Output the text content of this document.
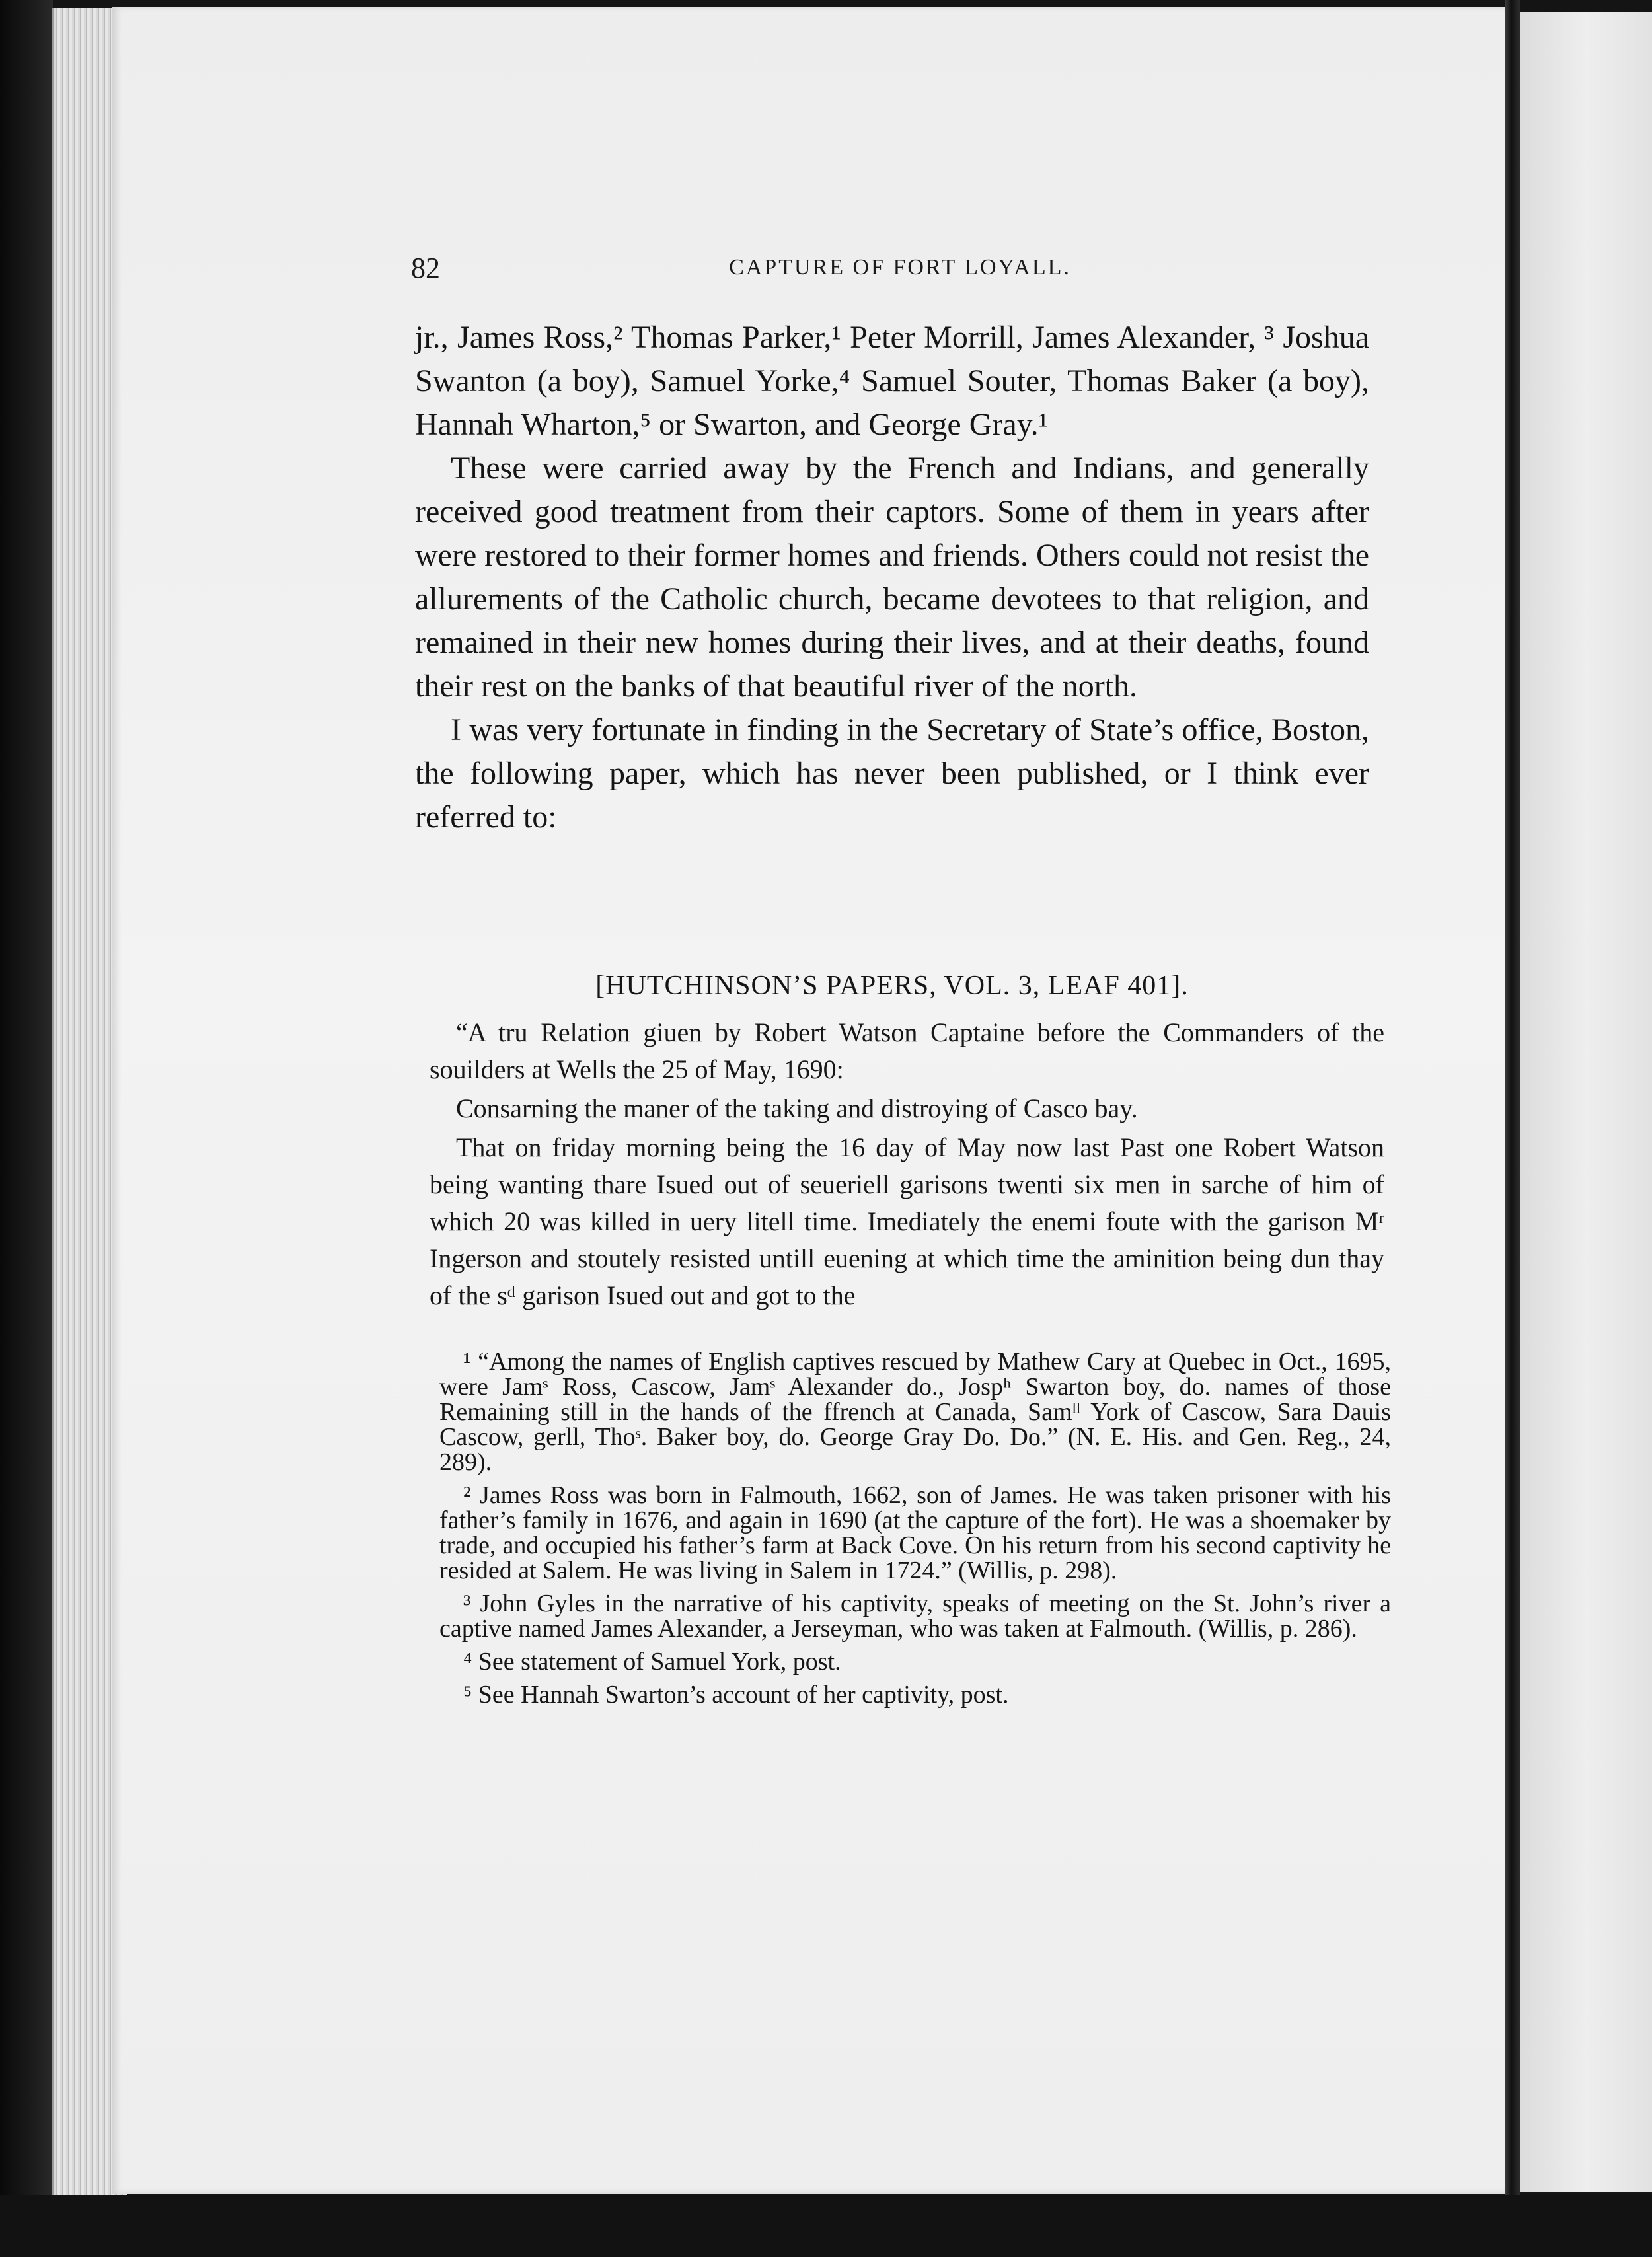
82	CAPTURE OF FORT LOYALL.

jr., James Ross,² Thomas Parker,¹ Peter Morrill, James Alexander, ³ Joshua Swanton (a boy), Samuel Yorke,⁴ Samuel Souter, Thomas Baker (a boy), Hannah Wharton,⁵ or Swarton, and George Gray.¹

These were carried away by the French and Indians, and generally received good treatment from their captors. Some of them in years after were restored to their former homes and friends. Others could not resist the allurements of the Catholic church, became devotees to that religion, and remained in their new homes during their lives, and at their deaths, found their rest on the banks of that beautiful river of the north.

I was very fortunate in finding in the Secretary of State’s office, Boston, the following paper, which has never been published, or I think ever referred to:

[HUTCHINSON’S PAPERS, VOL. 3, LEAF 401].

“A tru Relation giuen by Robert Watson Captaine before the Commanders of the souilders at Wells the 25 of May, 1690:

Consarning the maner of the taking and distroying of Casco bay.

That on friday morning being the 16 day of May now last Past one Robert Watson being wanting thare Isued out of seueriell garisons twenti six men in sarche of him of which 20 was killed in uery litell time. Imediately the enemi foute with the garison Mʳ Ingerson and stoutely resisted untill euening at which time the aminition being dun thay of the sᵈ garison Isued out and got to the

¹ “Among the names of English captives rescued by Mathew Cary at Quebec in Oct., 1695, were Jamˢ Ross, Cascow, Jamˢ Alexander do., Jospʰ Swarton boy, do. names of those Remaining still in the hands of the ffrench at Canada, Samˡˡ York of Cascow, Sara Dauis Cascow, gerll, Thoˢ. Baker boy, do. George Gray Do. Do.” (N. E. His. and Gen. Reg., 24, 289).

² James Ross was born in Falmouth, 1662, son of James. He was taken prisoner with his father’s family in 1676, and again in 1690 (at the capture of the fort). He was a shoemaker by trade, and occupied his father’s farm at Back Cove. On his return from his second captivity he resided at Salem. He was living in Salem in 1724.” (Willis, p. 298).

³ John Gyles in the narrative of his captivity, speaks of meeting on the St. John’s river a captive named James Alexander, a Jerseyman, who was taken at Falmouth. (Willis, p. 286).

⁴ See statement of Samuel York, post.

⁵ See Hannah Swarton’s account of her captivity, post.
